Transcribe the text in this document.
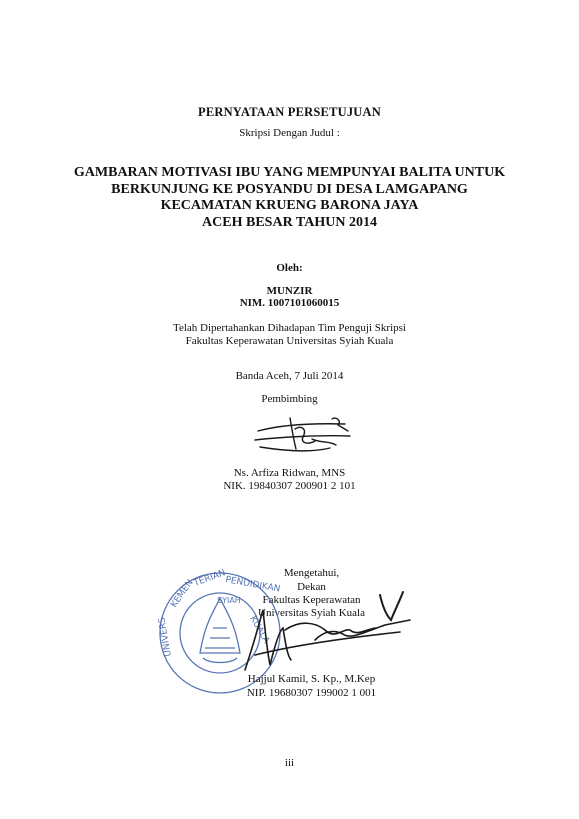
PERNYATAAN PERSETUJUAN
Skripsi Dengan Judul :
GAMBARAN MOTIVASI IBU YANG MEMPUNYAI BALITA UNTUK
BERKUNJUNG KE POSYANDU DI DESA LAMGAPANG
KECAMATAN KRUENG BARONA JAYA
ACEH BESAR TAHUN 2014
Oleh:
MUNZIR
NIM. 1007101060015
Telah Dipertahankan Dihadapan Tim Penguji Skripsi
Fakultas Keperawatan Universitas Syiah Kuala
Banda Aceh, 7 Juli 2014
Pembimbing
Ns. Arfiza Ridwan, MNS
NIK. 19840307 200901 2 101
Mengetahui,
Dekan
Fakultas Keperawatan
Universitas Syiah Kuala
KEMEN
TERIAN
PENDIDIKAN
UNIVERS
SYIAH
KUALA
Hajjul Kamil, S. Kp., M.Kep
NIP. 19680307 199002 1 001
iii
